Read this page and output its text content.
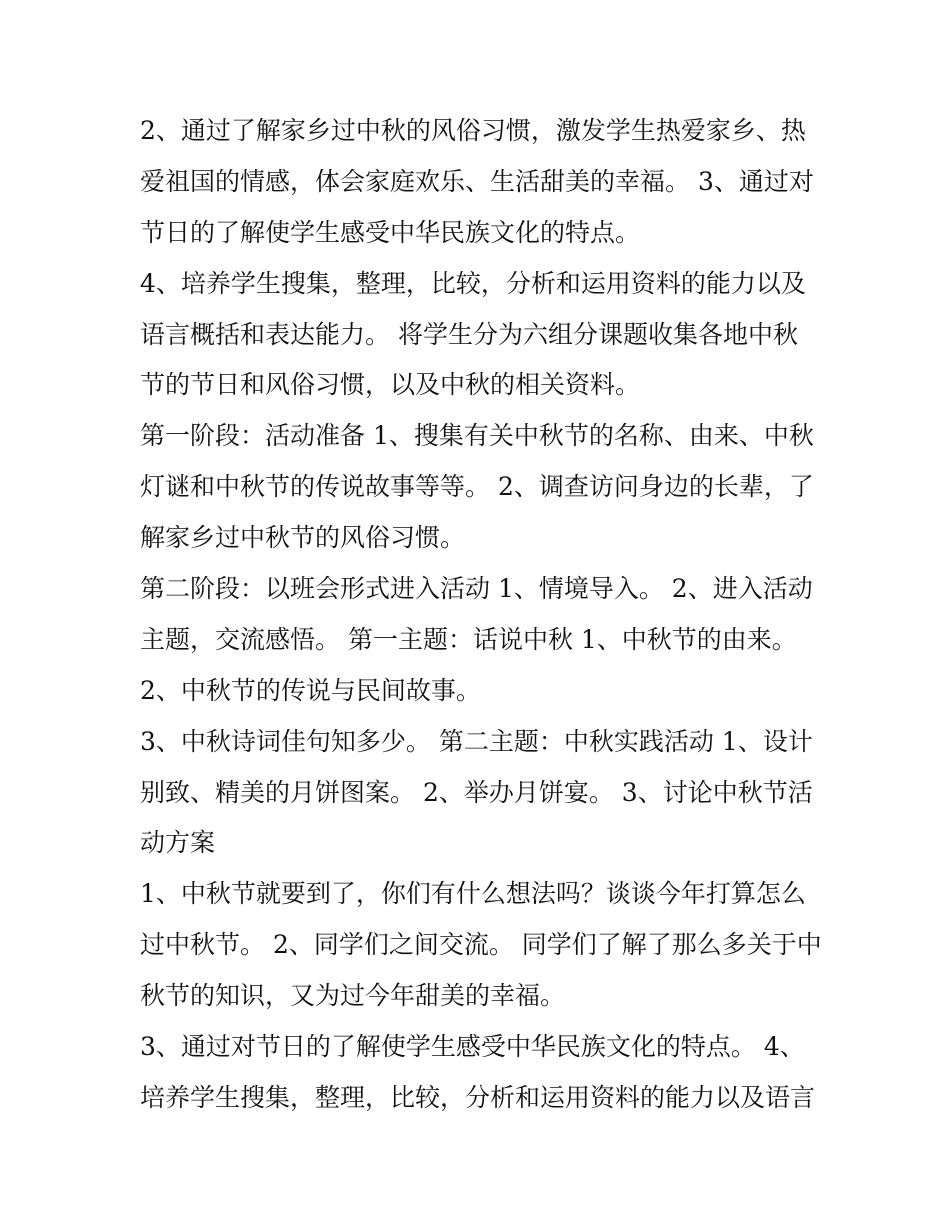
2、通过了解家乡过中秋的风俗习惯，激发学生热爱家乡、热
爱祖国的情感，体会家庭欢乐、生活甜美的幸福。 3、通过对
节日的了解使学生感受中华民族文化的特点。

4、培养学生搜集，整理，比较，分析和运用资料的能力以及
语言概括和表达能力。 将学生分为六组分课题收集各地中秋
节的节日和风俗习惯，以及中秋的相关资料。

第一阶段：活动准备 1、搜集有关中秋节的名称、由来、中秋
灯谜和中秋节的传说故事等等。 2、调查访问身边的长辈，了
解家乡过中秋节的风俗习惯。

第二阶段：以班会形式进入活动 1、情境导入。 2、进入活动
主题，交流感悟。 第一主题：话说中秋 1、中秋节的由来。

2、中秋节的传说与民间故事。

3、中秋诗词佳句知多少。 第二主题：中秋实践活动 1、设计
别致、精美的月饼图案。 2、举办月饼宴。 3、讨论中秋节活
动方案

1、中秋节就要到了，你们有什么想法吗？谈谈今年打算怎么
过中秋节。 2、同学们之间交流。 同学们了解了那么多关于中
秋节的知识，又为过今年甜美的幸福。

3、通过对节日的了解使学生感受中华民族文化的特点。 4、
培养学生搜集，整理，比较，分析和运用资料的能力以及语言
